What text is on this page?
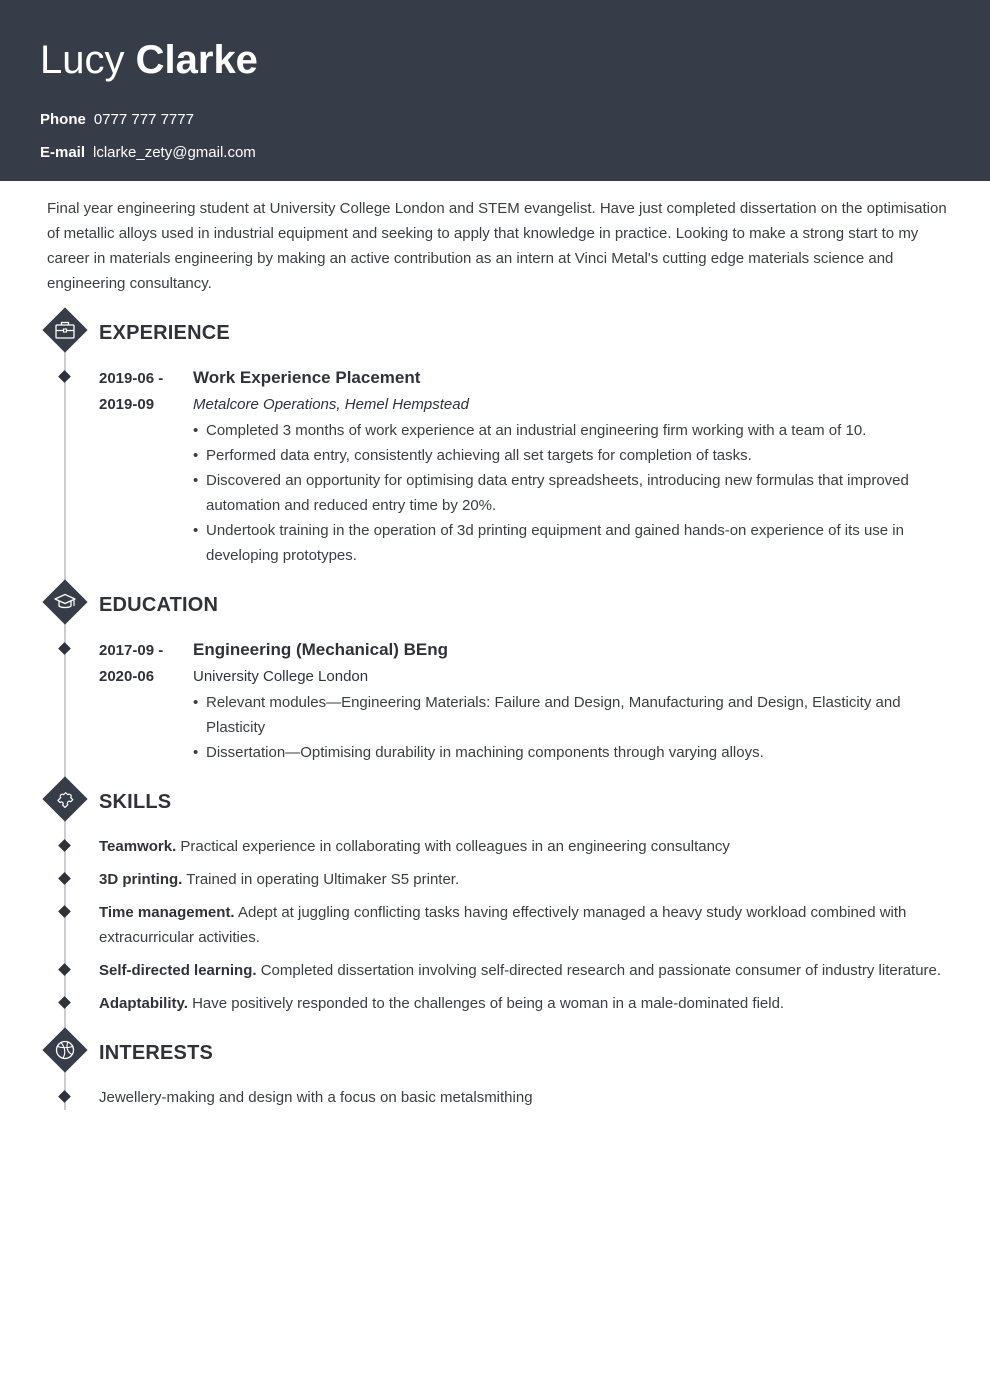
Lucy Clarke
Phone 0777 777 7777
E-mail lclarke_zety@gmail.com
Final year engineering student at University College London and STEM evangelist. Have just completed dissertation on the optimisation of metallic alloys used in industrial equipment and seeking to apply that knowledge in practice. Looking to make a strong start to my career in materials engineering by making an active contribution as an intern at Vinci Metal's cutting edge materials science and engineering consultancy.
EXPERIENCE
2019-06 -
2019-09
Work Experience Placement
Metalcore Operations, Hemel Hempstead
• Completed 3 months of work experience at an industrial engineering firm working with a team of 10.
• Performed data entry, consistently achieving all set targets for completion of tasks.
• Discovered an opportunity for optimising data entry spreadsheets, introducing new formulas that improved automation and reduced entry time by 20%.
• Undertook training in the operation of 3d printing equipment and gained hands-on experience of its use in developing prototypes.
EDUCATION
2017-09 -
2020-06
Engineering (Mechanical) BEng
University College London
• Relevant modules—Engineering Materials: Failure and Design, Manufacturing and Design, Elasticity and Plasticity
• Dissertation—Optimising durability in machining components through varying alloys.
SKILLS
Teamwork. Practical experience in collaborating with colleagues in an engineering consultancy
3D printing. Trained in operating Ultimaker S5 printer.
Time management. Adept at juggling conflicting tasks having effectively managed a heavy study workload combined with extracurricular activities.
Self-directed learning. Completed dissertation involving self-directed research and passionate consumer of industry literature.
Adaptability. Have positively responded to the challenges of being a woman in a male-dominated field.
INTERESTS
Jewellery-making and design with a focus on basic metalsmithing
